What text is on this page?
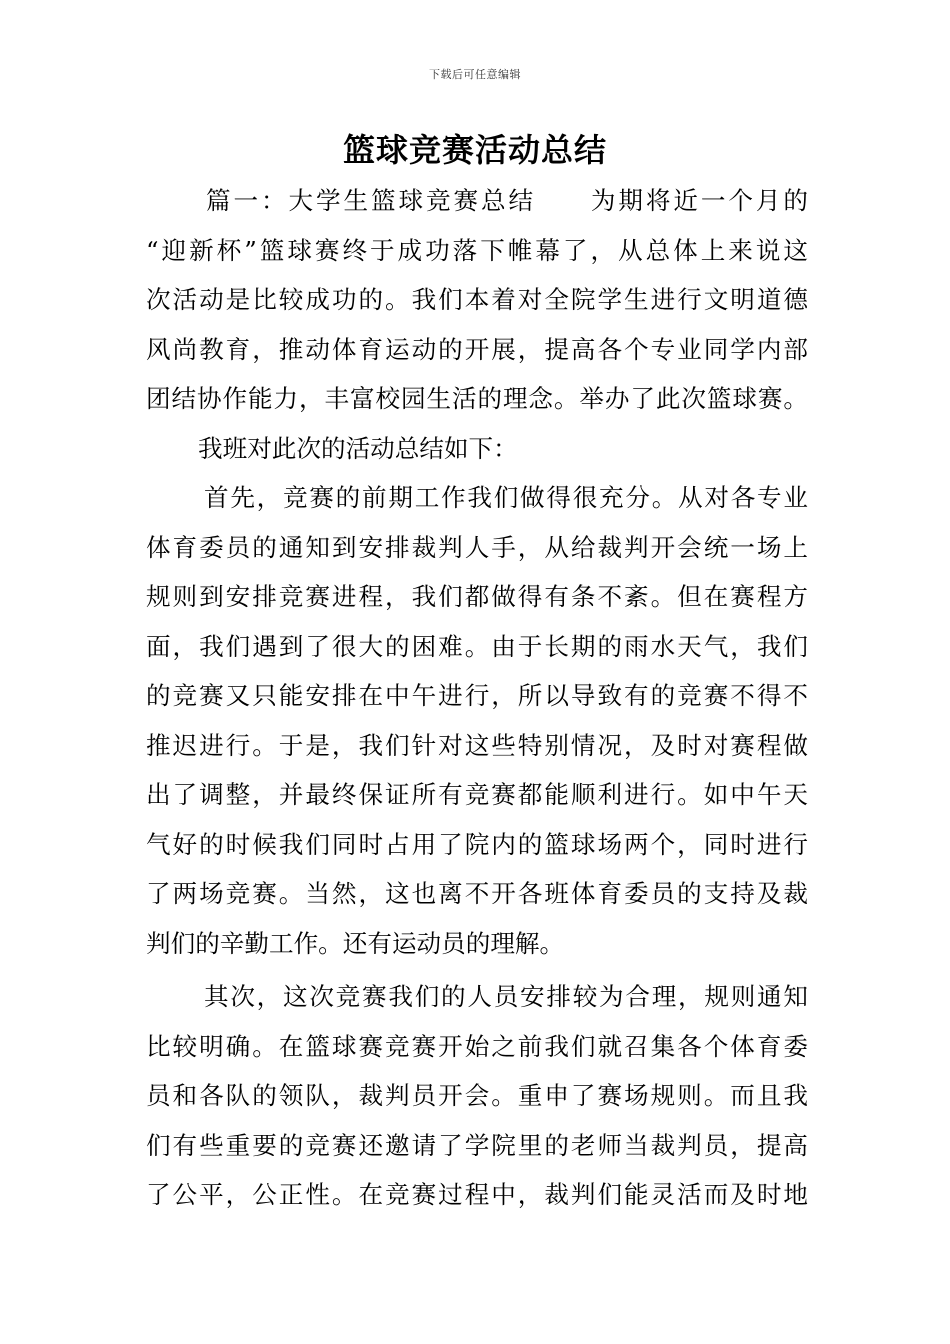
下载后可任意编辑
篮球竞赛活动总结
篇一：大学生篮球竞赛总结　　为期将近一个月的
“迎新杯”篮球赛终于成功落下帷幕了，从总体上来说这
次活动是比较成功的。我们本着对全院学生进行文明道德
风尚教育，推动体育运动的开展，提高各个专业同学内部
团结协作能力，丰富校园生活的理念。举办了此次篮球赛。
我班对此次的活动总结如下：
首先，竞赛的前期工作我们做得很充分。从对各专业
体育委员的通知到安排裁判人手，从给裁判开会统一场上
规则到安排竞赛进程，我们都做得有条不紊。但在赛程方
面，我们遇到了很大的困难。由于长期的雨水天气，我们
的竞赛又只能安排在中午进行，所以导致有的竞赛不得不
推迟进行。于是，我们针对这些特别情况，及时对赛程做
出了调整，并最终保证所有竞赛都能顺利进行。如中午天
气好的时候我们同时占用了院内的篮球场两个，同时进行
了两场竞赛。当然，这也离不开各班体育委员的支持及裁
判们的辛勤工作。还有运动员的理解。
其次，这次竞赛我们的人员安排较为合理，规则通知
比较明确。在篮球赛竞赛开始之前我们就召集各个体育委
员和各队的领队，裁判员开会。重申了赛场规则。而且我
们有些重要的竞赛还邀请了学院里的老师当裁判员，提高
了公平，公正性。在竞赛过程中，裁判们能灵活而及时地
